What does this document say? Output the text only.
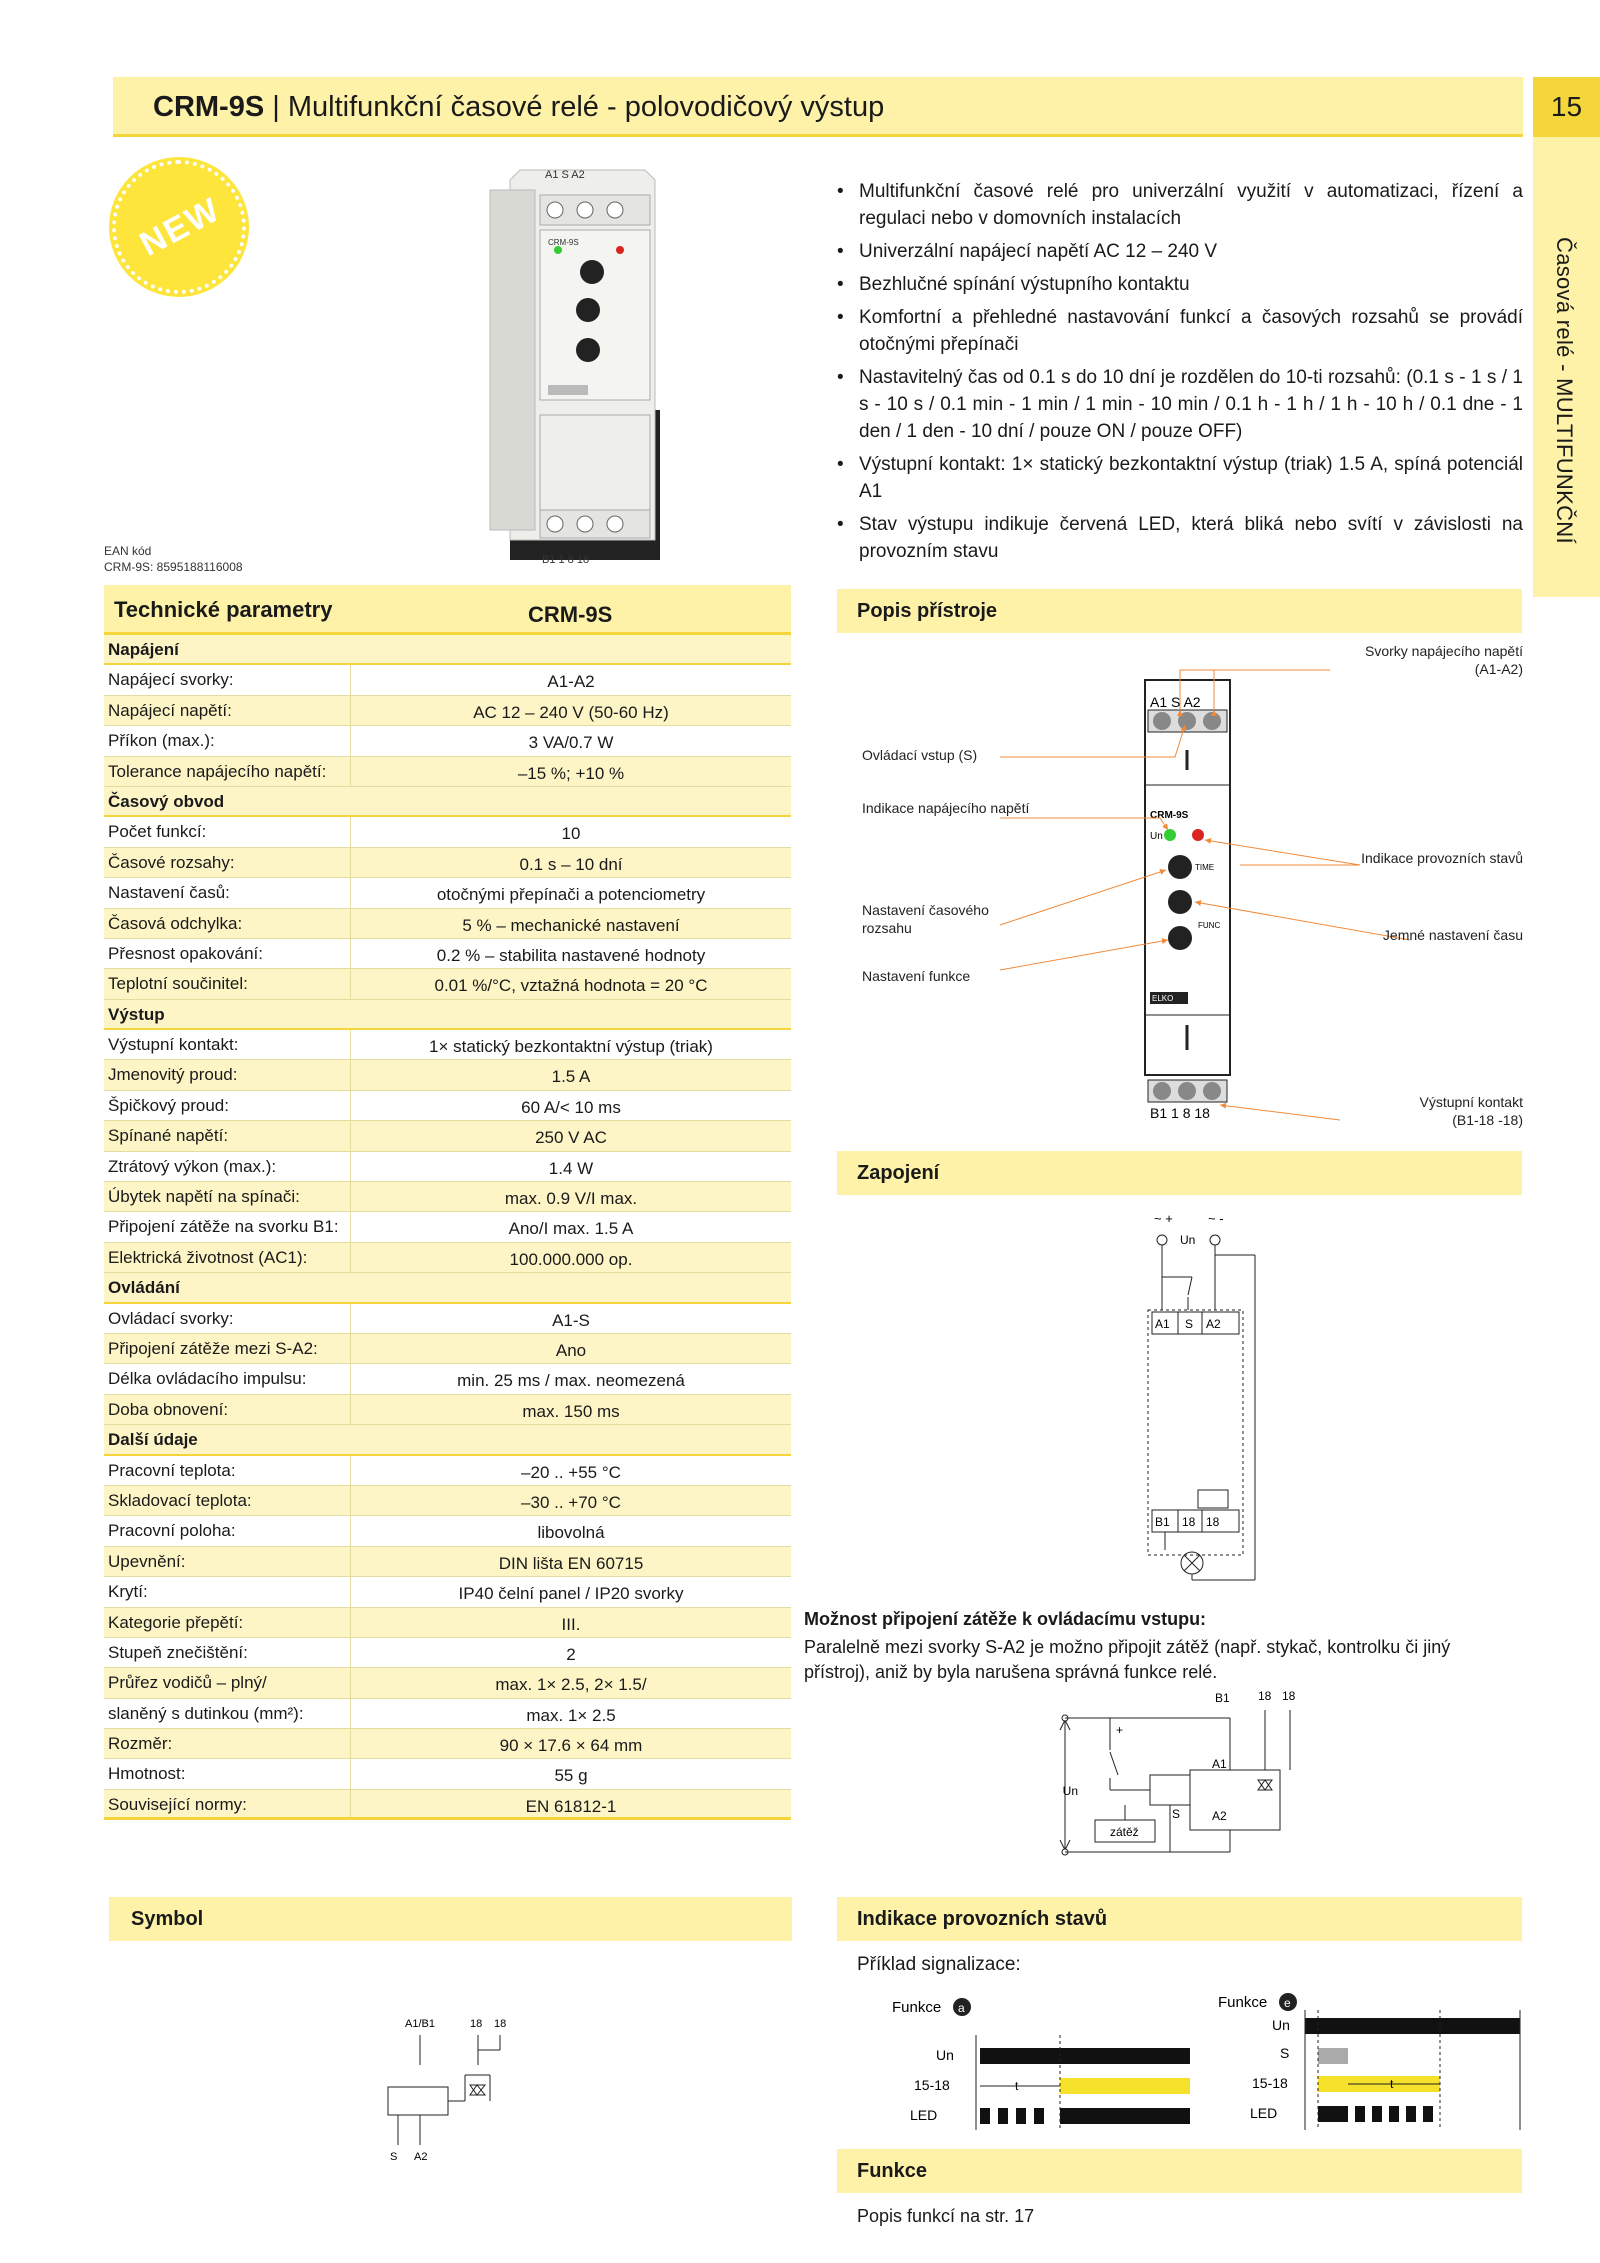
CRM-9S | Multifunkční časové relé - polovodičový výstup	15
Časová relé - MULTIFUNKČNÍ
NEW
A1 S A2
CRM-9S
B1 1 8 18
EAN kód
CRM-9S: 8595188116008
• Multifunkční časové relé pro univerzální využití v automatizaci, řízení a regulaci nebo v domovních instalacích
• Univerzální napájecí napětí AC 12 – 240 V
• Bezhlučné spínání výstupního kontaktu
• Komfortní a přehledné nastavování funkcí a časových rozsahů se provádí otočnými přepínači
• Nastavitelný čas od 0.1 s do 10 dní je rozdělen do 10-ti rozsahů: (0.1 s - 1 s / 1 s - 10 s / 0.1 min - 1 min / 1 min - 10 min / 0.1 h - 1 h / 1 h - 10 h / 0.1 dne - 1 den / 1 den - 10 dní / pouze ON / pouze OFF)
• Výstupní kontakt: 1× statický bezkontaktní výstup (triak) 1.5 A, spíná potenciál A1
• Stav výstupu indikuje červená LED, která bliká nebo svítí v závislosti na provozním stavu
Technické parametry	CRM-9S
Napájení
Napájecí svorky:	A1-A2
Napájecí napětí:	AC 12 – 240 V (50-60 Hz)
Příkon (max.):	3 VA/0.7 W
Tolerance napájecího napětí:	–15 %; +10 %
Časový obvod
Počet funkcí:	10
Časové rozsahy:	0.1 s – 10 dní
Nastavení časů:	otočnými přepínači a potenciometry
Časová odchylka:	5 % – mechanické nastavení
Přesnost opakování:	0.2 % – stabilita nastavené hodnoty
Teplotní součinitel:	0.01 %/°C, vztažná hodnota = 20 °C
Výstup
Výstupní kontakt:	1× statický bezkontaktní výstup (triak)
Jmenovitý proud:	1.5 A
Špičkový proud:	60 A/< 10 ms
Spínané napětí:	250 V AC
Ztrátový výkon (max.):	1.4 W
Úbytek napětí na spínači:	max. 0.9 V/I max.
Připojení zátěže na svorku B1:	Ano/I max. 1.5 A
Elektrická životnost (AC1):	100.000.000 op.
Ovládání
Ovládací svorky:	A1-S
Připojení zátěže mezi S-A2:	Ano
Délka ovládacího impulsu:	min. 25 ms / max. neomezená
Doba obnovení:	max. 150 ms
Další údaje
Pracovní teplota:	–20 .. +55 °C
Skladovací teplota:	–30 .. +70 °C
Pracovní poloha:	libovolná
Upevnění:	DIN lišta EN 60715
Krytí:	IP40 čelní panel / IP20 svorky
Kategorie přepětí:	III.
Stupeň znečištění:	2
Průřez vodičů – plný/	max. 1× 2.5, 2× 1.5/
slaněný s dutinkou (mm²):	max. 1× 2.5
Rozměr:	90 × 17.6 × 64 mm
Hmotnost:	55 g
Související normy:	EN 61812-1
Popis přístroje
A1 S A2
B1 1 8 18
CRM-9S
Un
TIME
FUNC
ELKO
Ovládací vstup (S)
Indikace napájecího napětí
Nastavení časového
rozsahu
Nastavení funkce
Svorky napájecího napětí
(A1-A2)
Indikace provozních stavů
Jemné nastavení času
Výstupní kontakt
(B1-18 -18)
Zapojení
~ +	~ -
Un
A1 S A2
B1 18 18
Možnost připojení zátěže k ovládacímu vstupu:
Paralelně mezi svorky S-A2 je možno připojit zátěž (např. stykač, kontrolku či jiný přístroj), aniž by byla narušena správná funkce relé.
B1 18 18
A1
A2
S
Un
+
zátěž
Symbol
A1/B1	18 18
S A2
Indikace provozních stavů
Příklad signalizace:
Funkce a
Un
15-18
LED
t
Funkce e
Un
S
15-18
LED
t
Funkce
Popis funkcí na str. 17
